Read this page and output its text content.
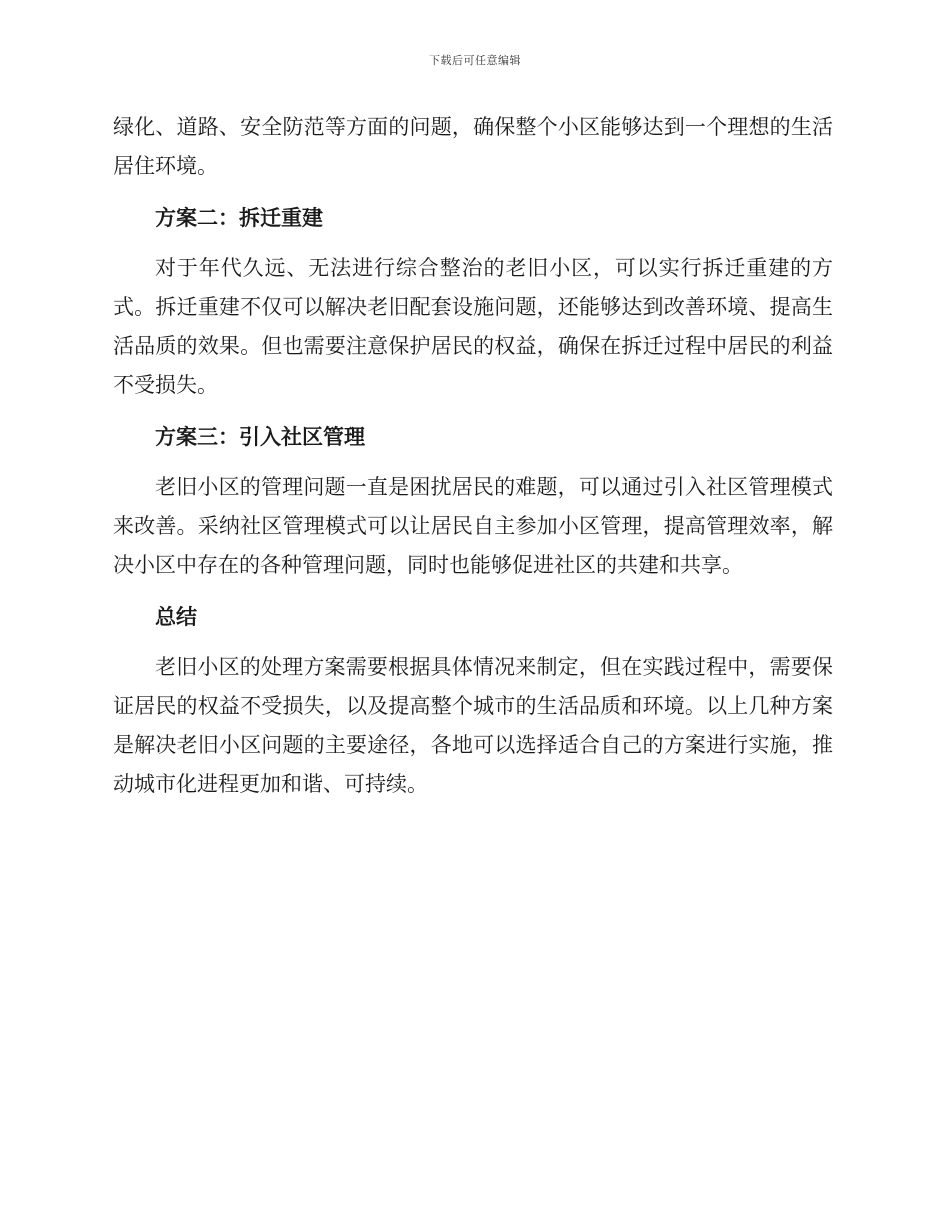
下载后可任意编辑

绿化、道路、安全防范等方面的问题，确保整个小区能够达到一个理想的生活居住环境。

方案二：拆迁重建

对于年代久远、无法进行综合整治的老旧小区，可以实行拆迁重建的方式。拆迁重建不仅可以解决老旧配套设施问题，还能够达到改善环境、提高生活品质的效果。但也需要注意保护居民的权益，确保在拆迁过程中居民的利益不受损失。

方案三：引入社区管理

老旧小区的管理问题一直是困扰居民的难题，可以通过引入社区管理模式来改善。采纳社区管理模式可以让居民自主参加小区管理，提高管理效率，解决小区中存在的各种管理问题，同时也能够促进社区的共建和共享。

总结

老旧小区的处理方案需要根据具体情况来制定，但在实践过程中，需要保证居民的权益不受损失，以及提高整个城市的生活品质和环境。以上几种方案是解决老旧小区问题的主要途径，各地可以选择适合自己的方案进行实施，推动城市化进程更加和谐、可持续。
